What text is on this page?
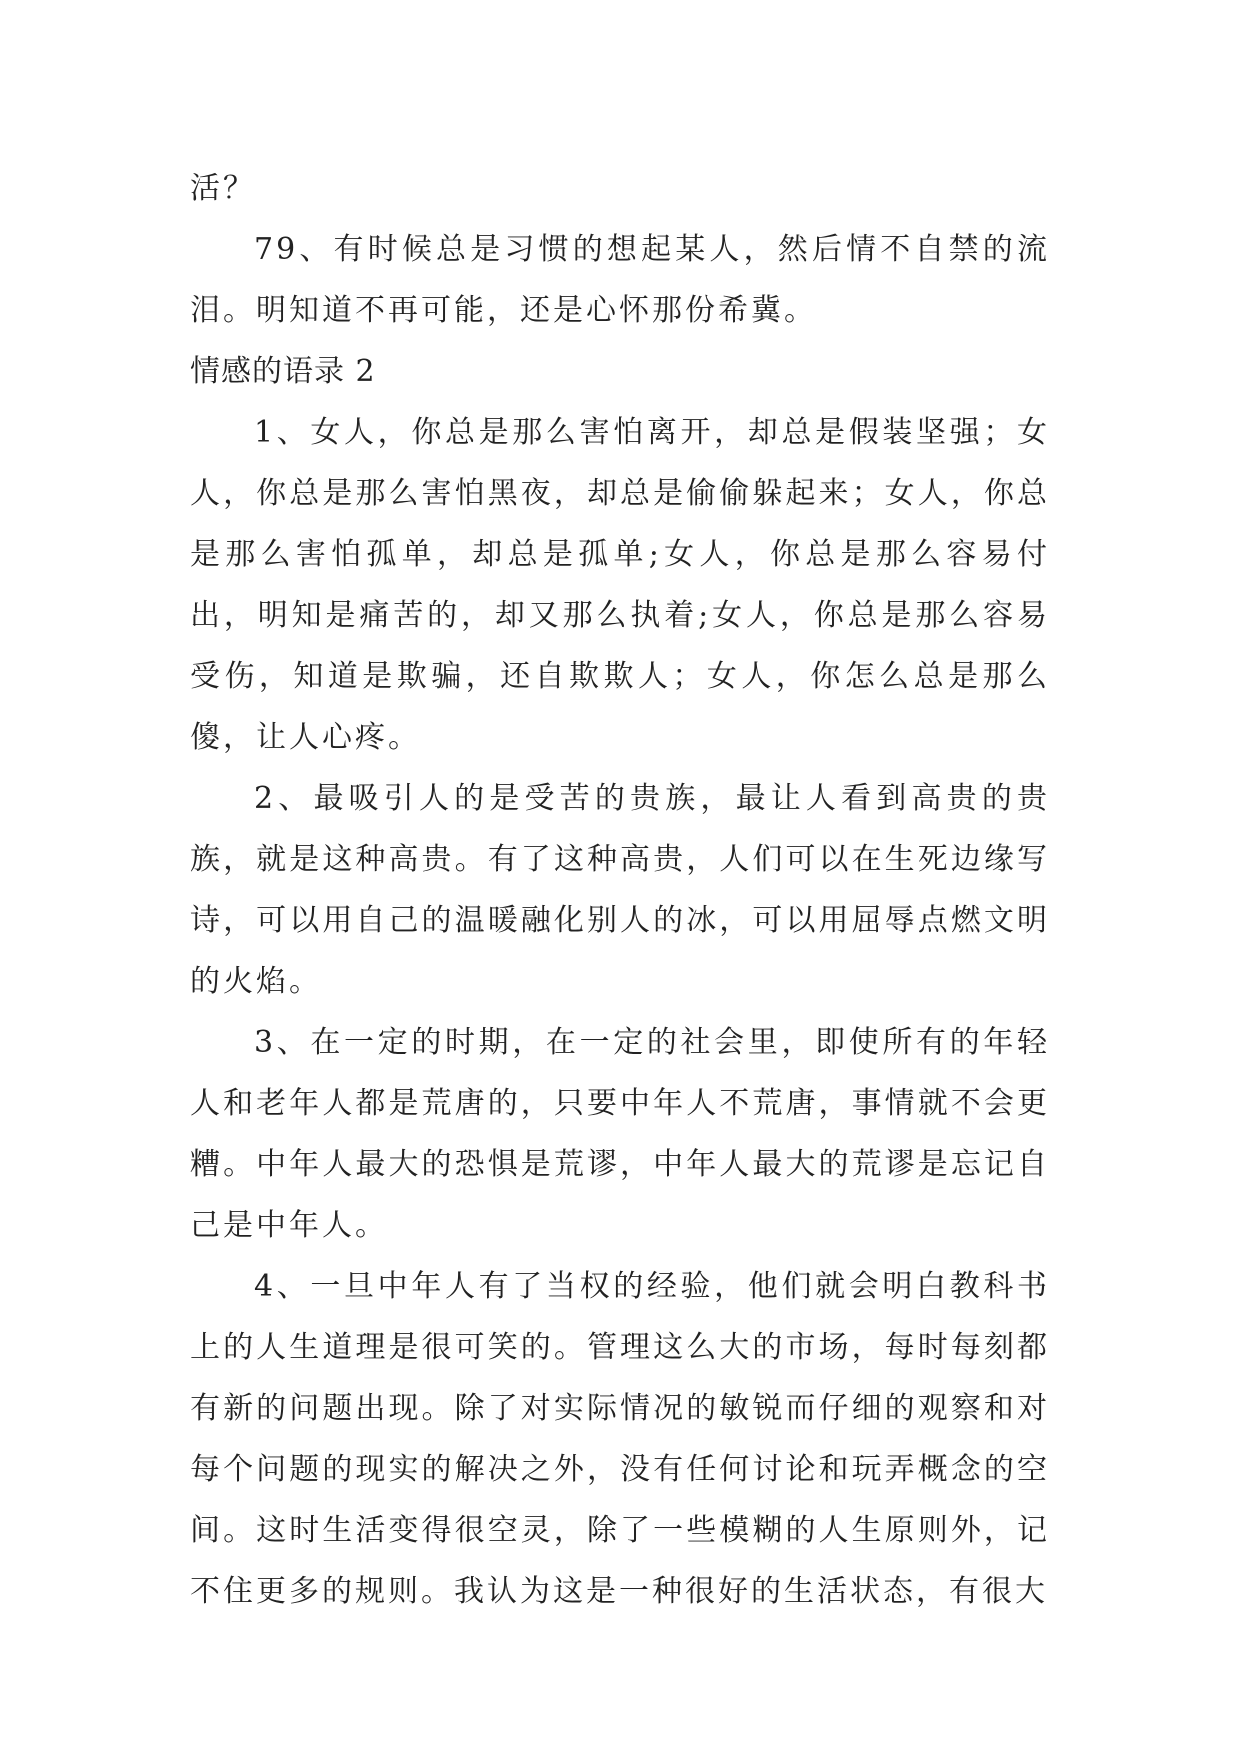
活？

79、有时候总是习惯的想起某人，然后情不自禁的流泪。明知道不再可能，还是心怀那份希冀。

情感的语录 2

1、女人，你总是那么害怕离开，却总是假装坚强；女人，你总是那么害怕黑夜，却总是偷偷躲起来；女人，你总是那么害怕孤单，却总是孤单;女人，你总是那么容易付出，明知是痛苦的，却又那么执着;女人，你总是那么容易受伤，知道是欺骗，还自欺欺人；女人，你怎么总是那么傻，让人心疼。

2、最吸引人的是受苦的贵族，最让人看到高贵的贵族，就是这种高贵。有了这种高贵，人们可以在生死边缘写诗，可以用自己的温暖融化别人的冰，可以用屈辱点燃文明的火焰。

3、在一定的时期，在一定的社会里，即使所有的年轻人和老年人都是荒唐的，只要中年人不荒唐，事情就不会更糟。中年人最大的恐惧是荒谬，中年人最大的荒谬是忘记自己是中年人。

4、一旦中年人有了当权的经验，他们就会明白教科书上的人生道理是很可笑的。管理这么大的市场，每时每刻都有新的问题出现。除了对实际情况的敏锐而仔细的观察和对每个问题的现实的解决之外，没有任何讨论和玩弄概念的空间。这时生活变得很空灵，除了一些模糊的人生原则外，记不住更多的规则。我认为这是一种很好的生活状态，有很大
